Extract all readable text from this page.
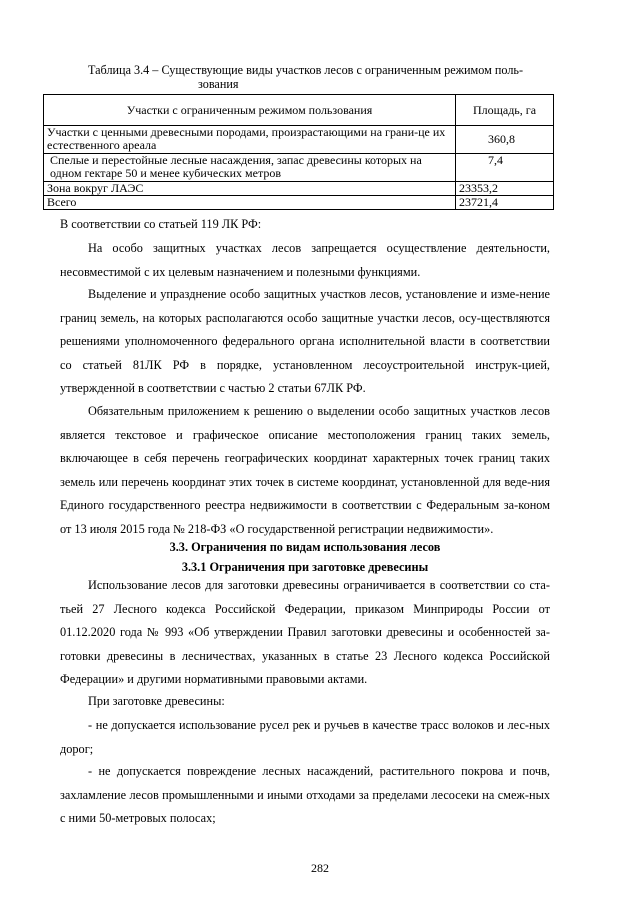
Таблица 3.4 – Существующие виды участков лесов с ограниченным режимом поль-
зования
Участки с ограниченным режимом пользования	Площадь, га
Участки с ценными древесными породами, произрастающими на грани-це их естественного ареала	360,8
Спелые и перестойные лесные насаждения, запас древесины которых на одном гектаре 50 и менее кубических метров	7,4
Зона вокруг ЛАЭС	23353,2
Всего	23721,4
В соответствии со статьей 119 ЛК РФ:
На особо защитных участках лесов запрещается осуществление деятельности, несовместимой с их целевым назначением и полезными функциями.
Выделение и упразднение особо защитных участков лесов, установление и изме-нение границ земель, на которых располагаются особо защитные участки лесов, осу-ществляются решениями уполномоченного федерального органа исполнительной власти в соответствии со статьей 81ЛК РФ в порядке, установленном лесоустроительной инструк-цией, утвержденной в соответствии с частью 2 статьи 67ЛК РФ.
Обязательным приложением к решению о выделении особо защитных участков лесов является текстовое и графическое описание местоположения границ таких земель, включающее в себя перечень географических координат характерных точек границ таких земель или перечень координат этих точек в системе координат, установленной для веде-ния Единого государственного реестра недвижимости в соответствии с Федеральным за-коном от 13 июля 2015 года № 218-ФЗ «О государственной регистрации недвижимости».
3.3. Ограничения по видам использования лесов
3.3.1 Ограничения при заготовке древесины
Использование лесов для заготовки древесины ограничивается в соответствии со ста-тьей 27 Лесного кодекса Российской Федерации, приказом Минприроды России от 01.12.2020 года № 993 «Об утверждении Правил заготовки древесины и особенностей за-готовки древесины в лесничествах, указанных в статье 23 Лесного кодекса Российской Федерации» и другими нормативными правовыми актами.
При заготовке древесины:
- не допускается использование русел рек и ручьев в качестве трасс волоков и лес-ных дорог;
- не допускается повреждение лесных насаждений, растительного покрова и почв, захламление лесов промышленными и иными отходами за пределами лесосеки на смеж-ных с ними 50-метровых полосах;
282
